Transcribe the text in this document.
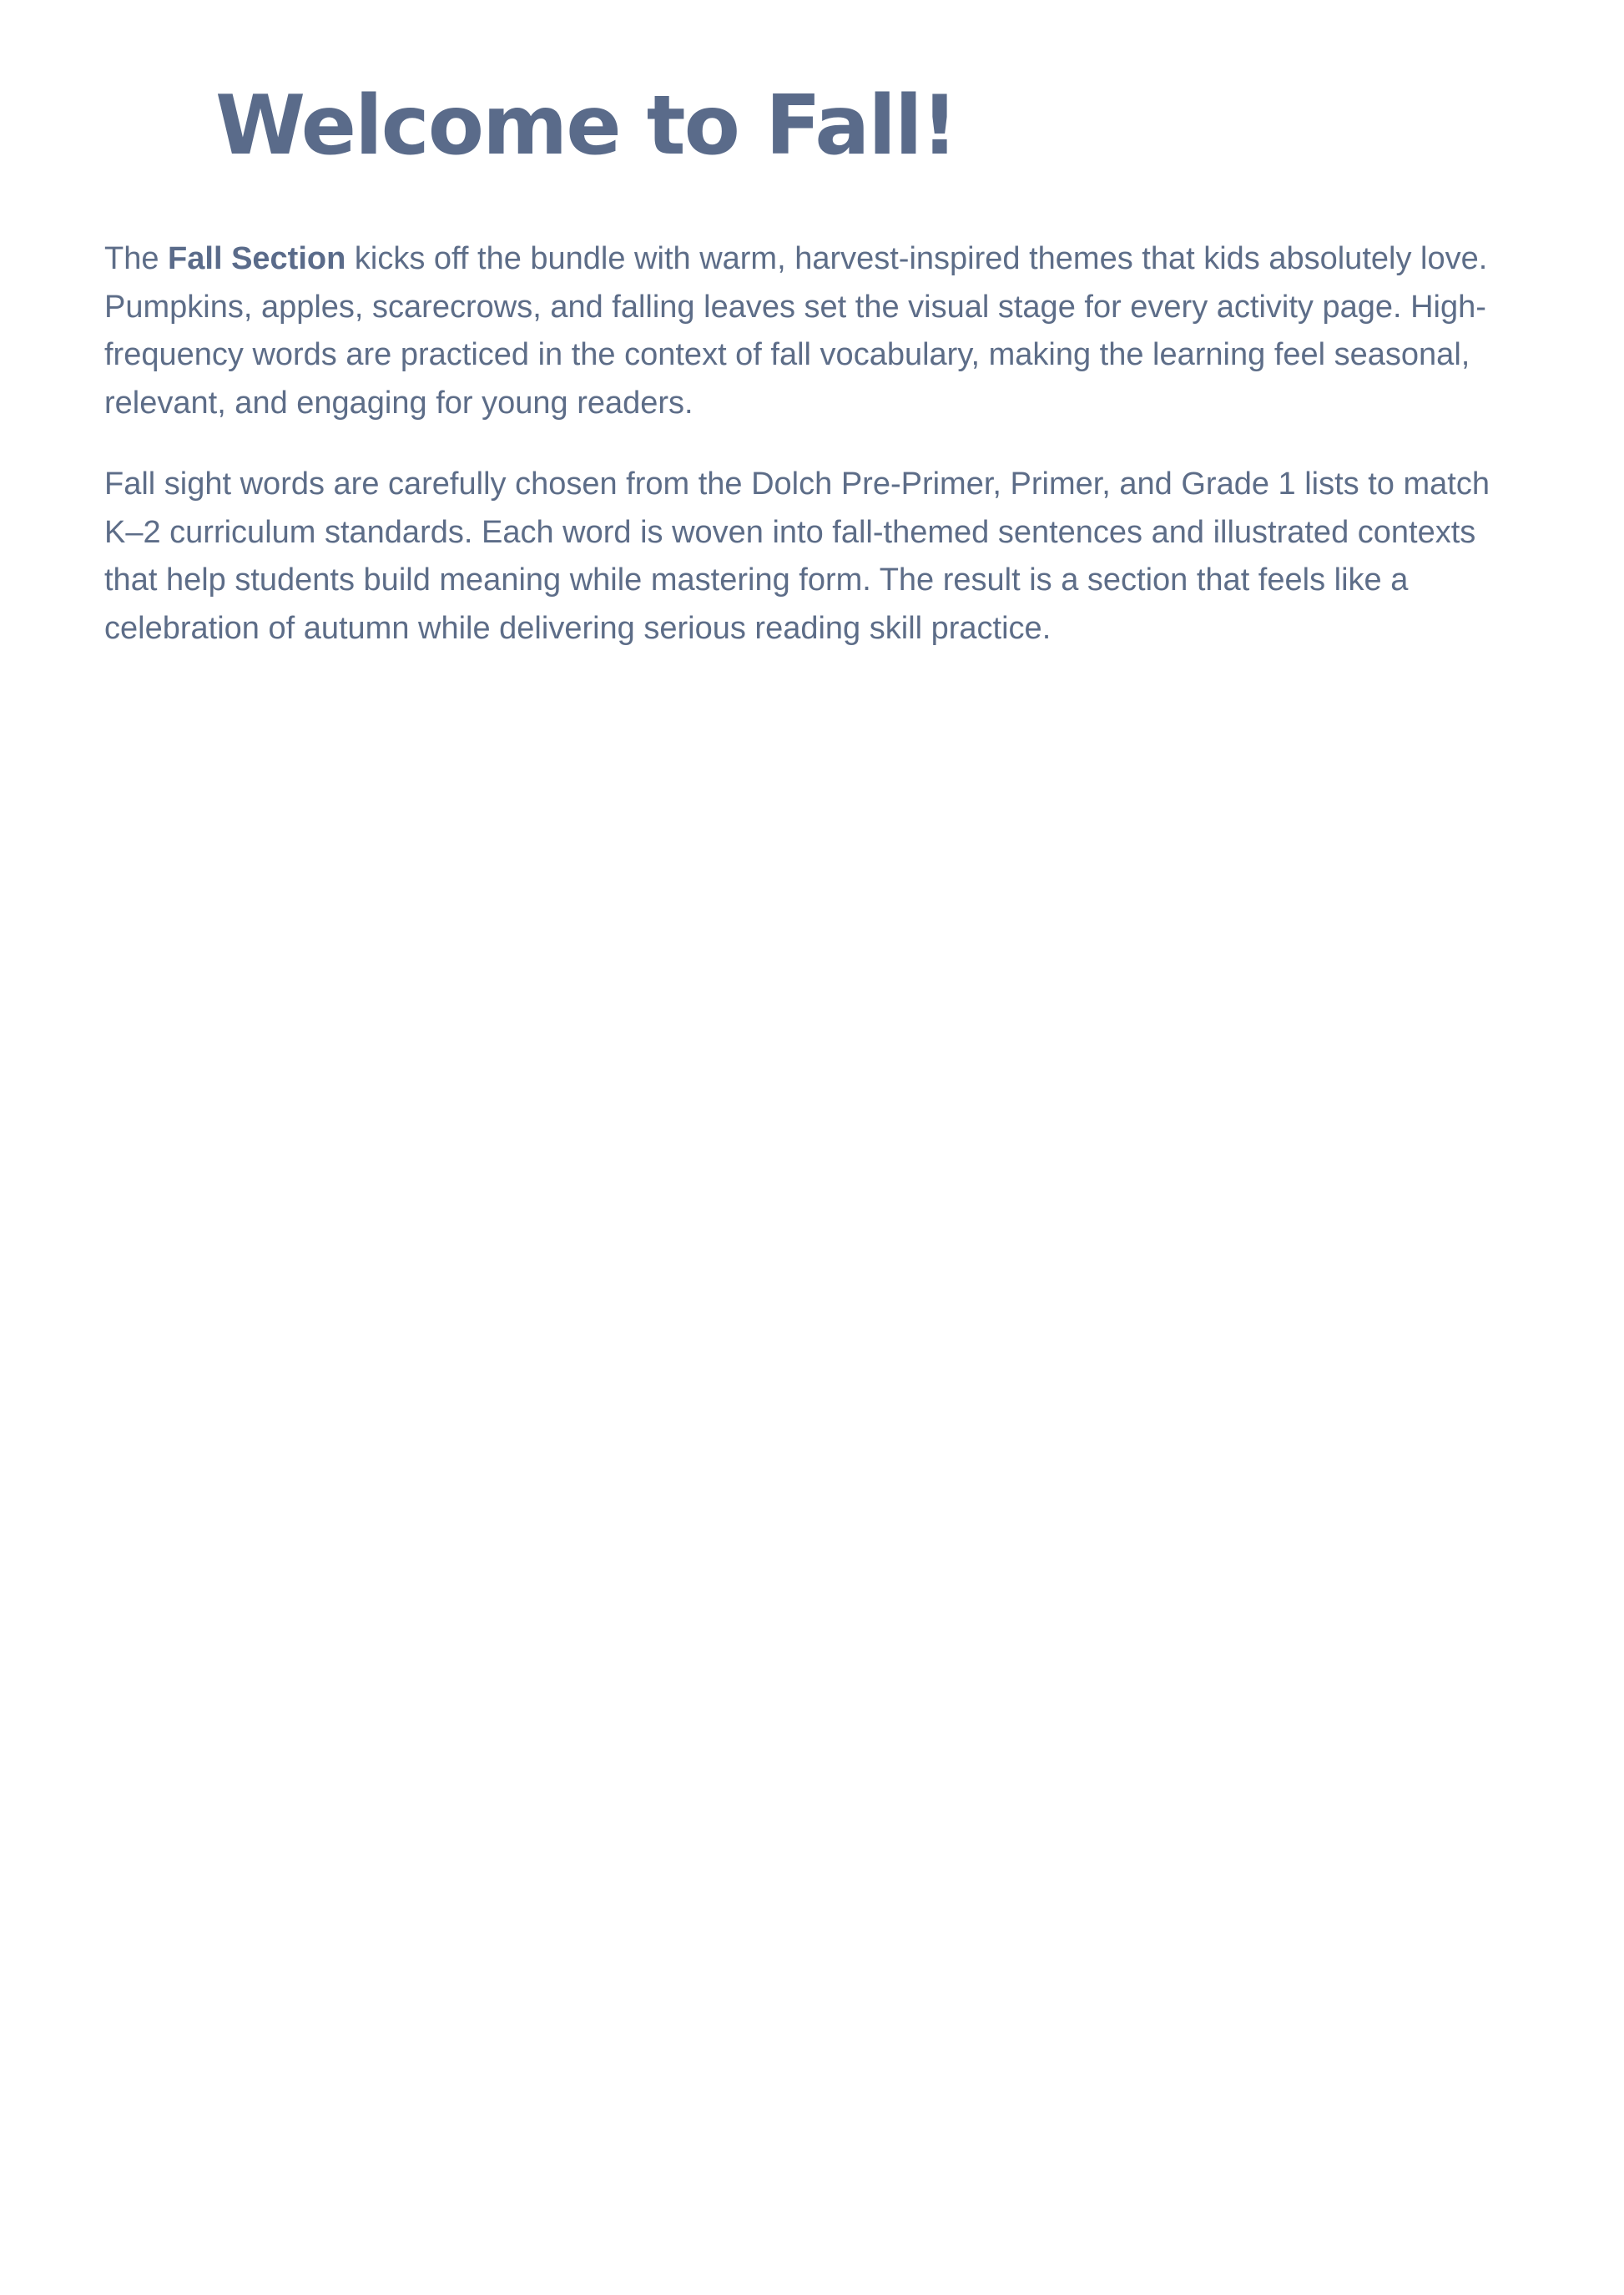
Welcome to Fall!

The Fall Section kicks off the bundle with warm, harvest-inspired themes that kids absolutely love. Pumpkins, apples, scarecrows, and falling leaves set the visual stage for every activity page. High-frequency words are practiced in the context of fall vocabulary, making the learning feel seasonal, relevant, and engaging for young readers.

Fall sight words are carefully chosen from the Dolch Pre-Primer, Primer, and Grade 1 lists to match K–2 curriculum standards. Each word is woven into fall-themed sentences and illustrated contexts that help students build meaning while mastering form. The result is a section that feels like a celebration of autumn while delivering serious reading skill practice.
